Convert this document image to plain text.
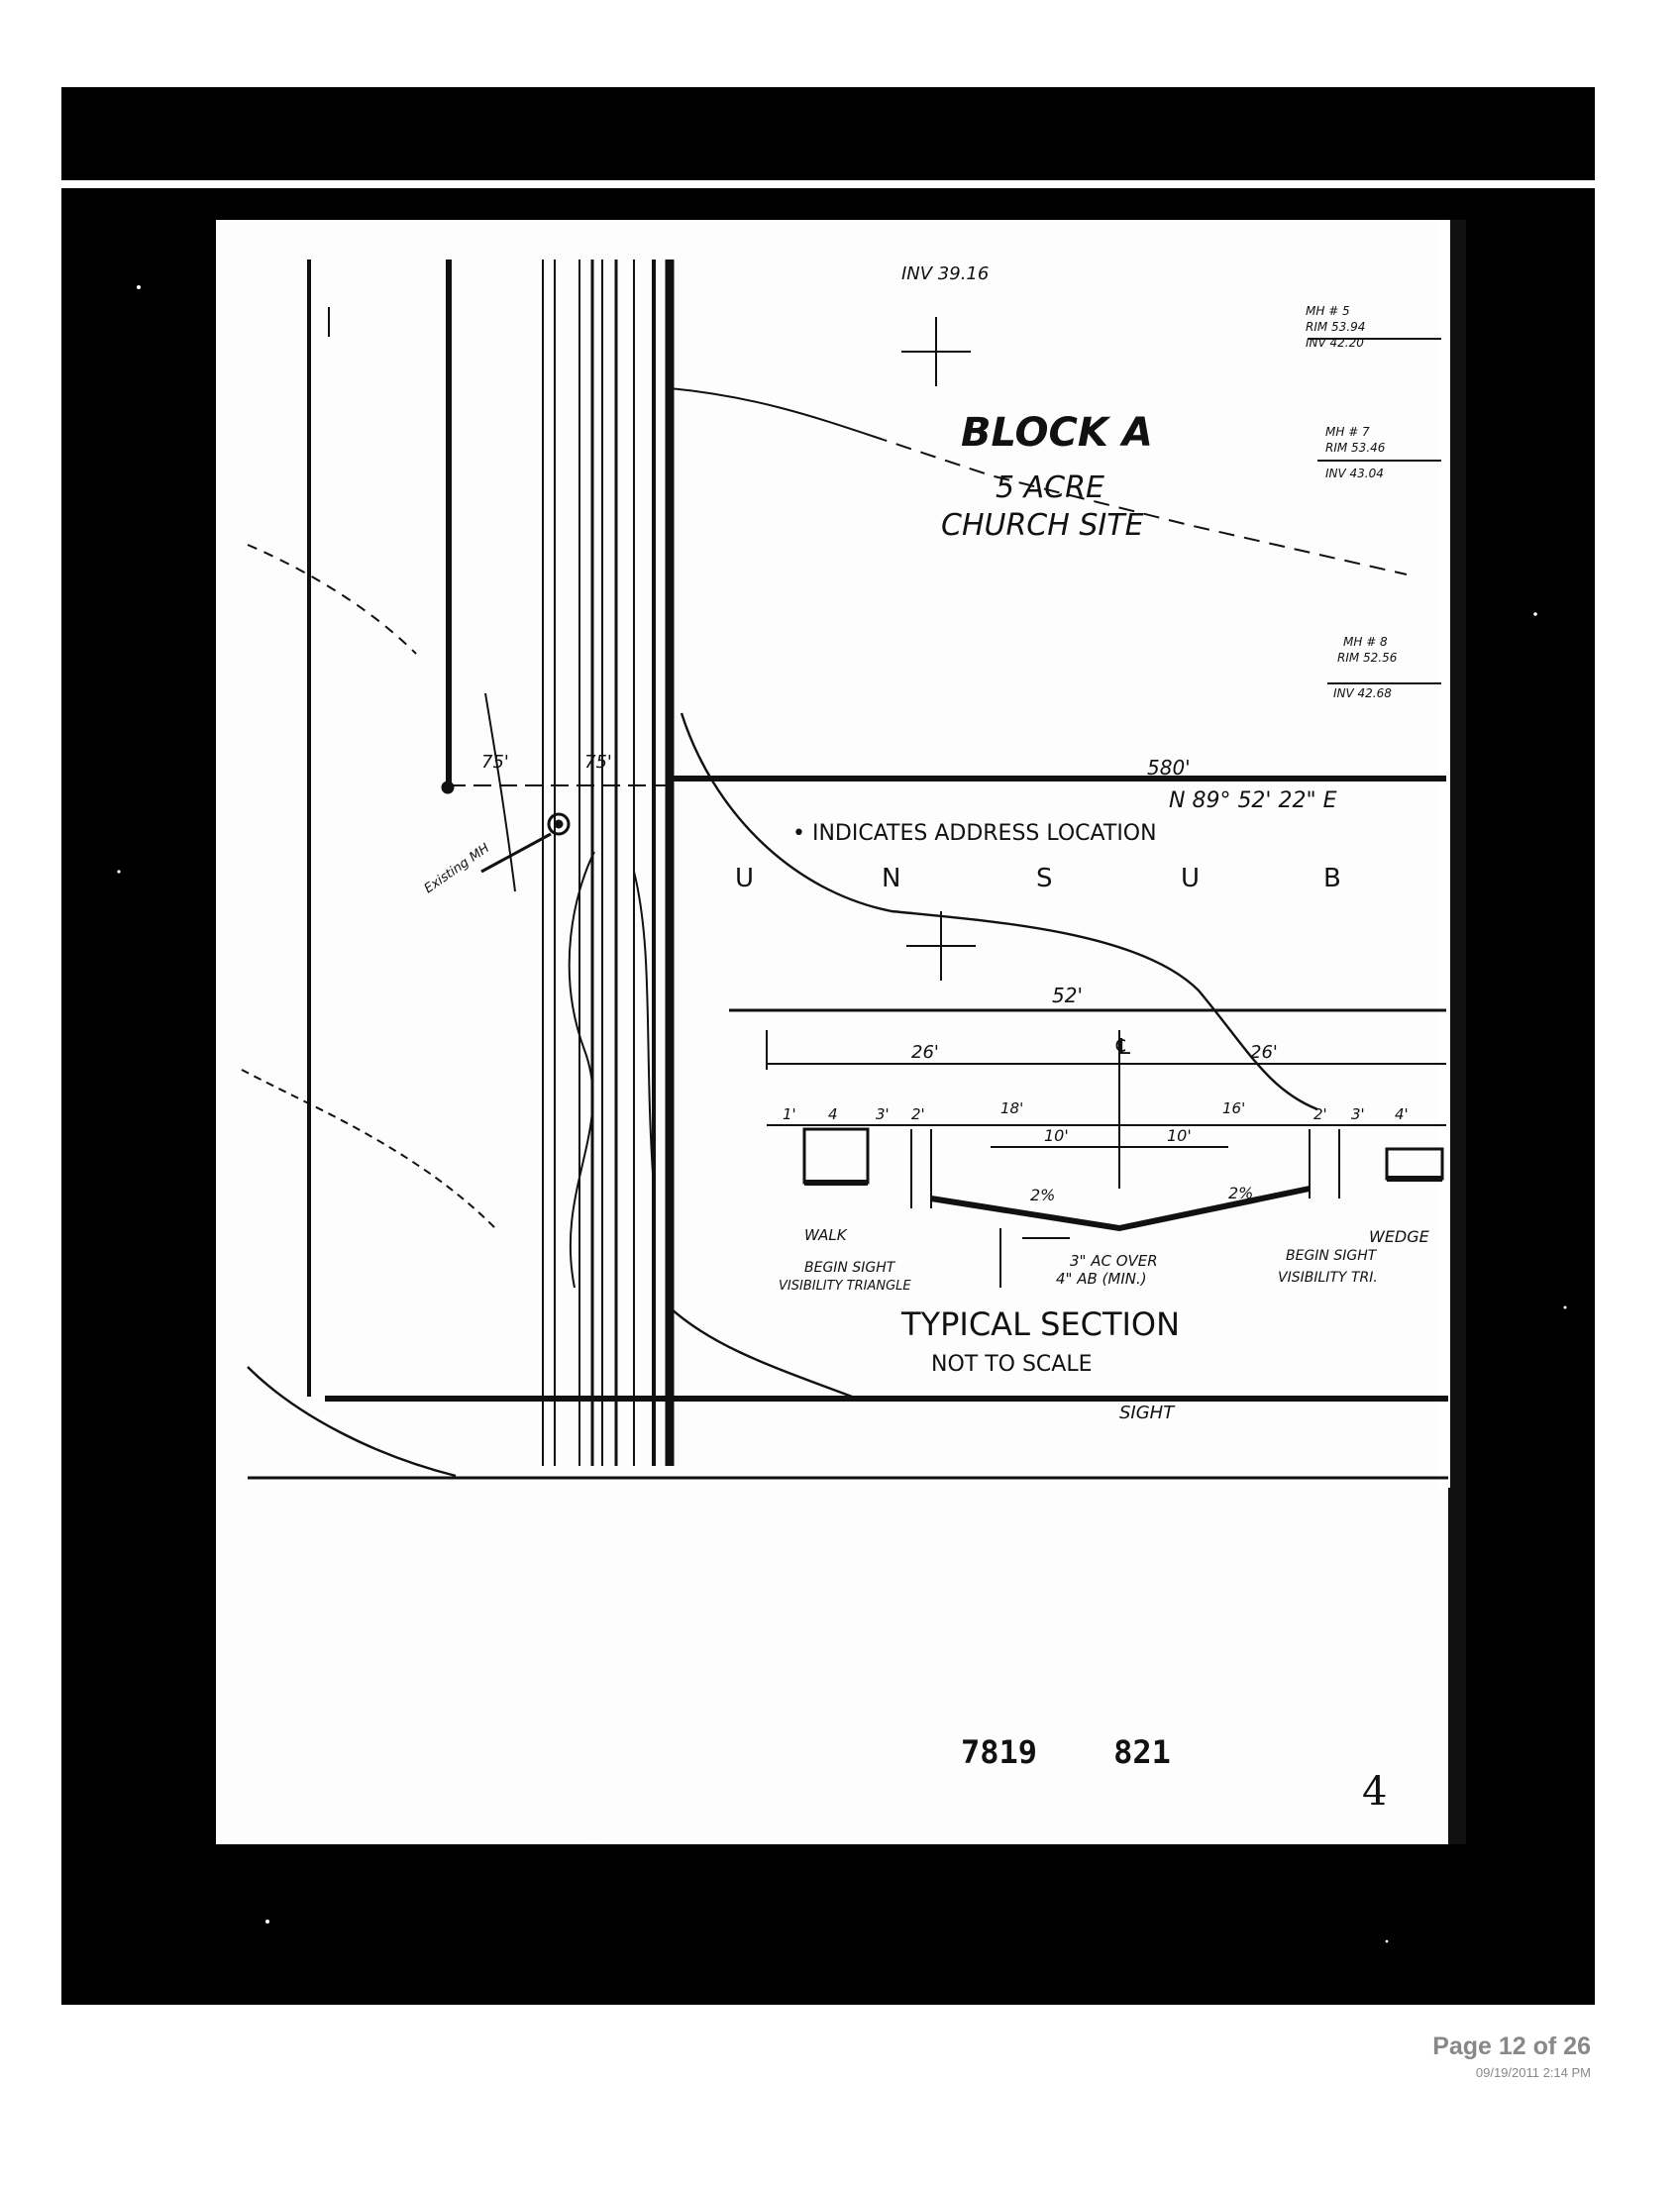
BLOCK A
5 ACRE
CHURCH SITE
INV 39.16
MH # 5
RIM 53.94
INV 42.20
MH # 7
RIM 53.46
INV 43.04
MH # 8
RIM 52.56
INV 42.68
580'
N 89° 52' 22" E
• INDICATES ADDRESS LOCATION
U	N	S	U	B
75'	75'
Existing MH
52'
26'	℄	26'
1' 4	3' 2'	18'	16'	2' 3' 4'
10'	10'
2%	2%
WALK
BEGIN SIGHT
VISIBILITY TRIANGLE
3" AC OVER
4" AB (MIN.)
WEDGE
BEGIN SIGHT
VISIBILITY TRI.
TYPICAL SECTION
NOT TO SCALE
SIGHT
7819    821
4
Page 12 of 26
09/19/2011 2:14 PM
